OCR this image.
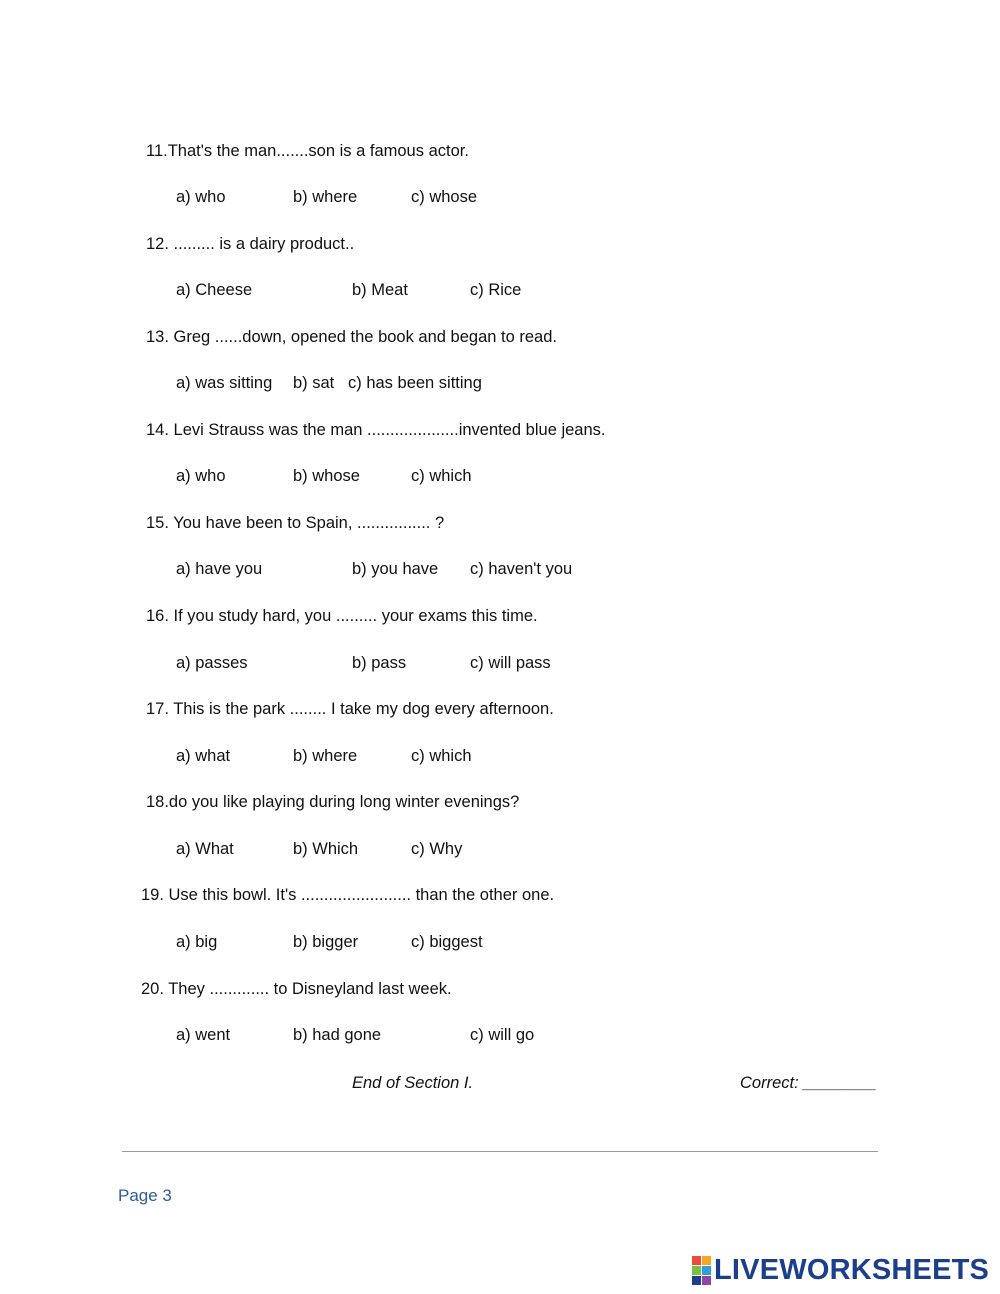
11.That's the man.......son is a famous actor.
a) who	b) where	c) whose
12. ......... is a dairy product..
a) Cheese	b) Meat	c) Rice
13. Greg ......down, opened the book and began to read.
a) was sitting b) sat c) has been sitting
14. Levi Strauss was the man ....................invented blue jeans.
a) who	b) whose	c) which
15. You have been to Spain, ................ ?
a) have you	b) you have c) haven't you
16. If you study hard, you ......... your exams this time.
a) passes	b) pass	c) will pass
17. This is the park ........ I take my dog every afternoon.
a) what	b) where	c) which
18.do you like playing during long winter evenings?
a) What	b) Which	c) Why
19. Use this bowl. It's ........................ than the other one.
a) big	b) bigger	c) biggest
20. They ............. to Disneyland last week.
a) went	b) had gone	c) will go
End of Section I.	Correct: ________
Page 3
LIVEWORKSHEETS
